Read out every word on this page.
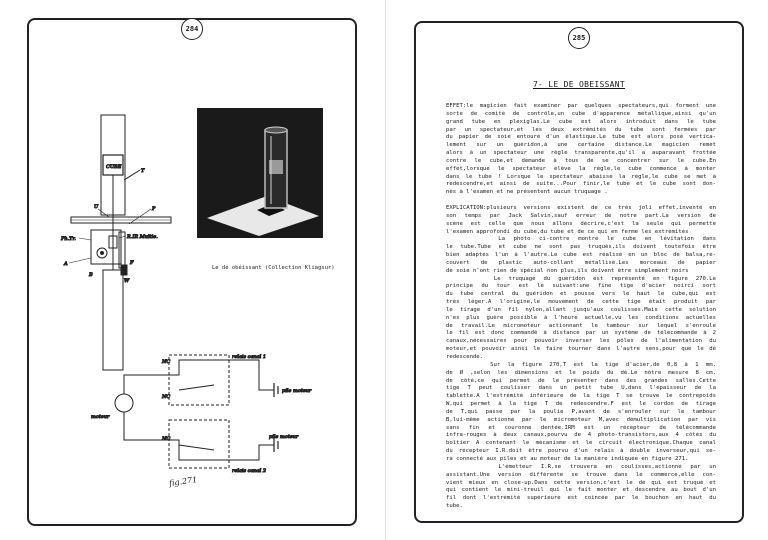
284
CUBE
T
U	P
Ph.Tr.	R.IR Multie.
A
B
F
W
moteur
relais canal 1
relais canal 2
NC
NC
NC
pile moteur
pile moteur
Le dé obéissant (Collection Kliagsur)
fig.271
285
7- LE DE OBEISSANT
EFFET:le magicien fait examiner par quelques spectateurs,qui forment une
sorte de comité de contrôle,un cube d'apparence métallique,ainsi qu'un
grand tube en plexiglas.Le cube est alors introduit dans le tube
par un spectateur,et les deux extrémités du tube sont fermées par
du papier de soie entouré d'un élastique.Le tube est alors posé vertica-
lement sur un guéridon,à une certaine distance.Le magicien remet
alors à un spectateur une règle transparente,qu'il a auparavant frottée
contre le cube,et demande à tous de se concentrer sur le cube.En
effet,lorsque le spectateur élève la règle,le cube commence à monter
dans le tube ! Lorsque le spectateur abaisse la règle,le cube se met à
redescendre,et ainsi de suite...Pour finir,le tube et le cube sont don-
nés à l'examen et ne présentent aucun truquage .

EXPLICATION:plusieurs versions existent de ce très joli effet,inventé en
son temps par Jack Salvin,sauf erreur de notre part.La version de
scène est celle que nous allons décrire,c'est la seule qui permette
l'examen approfondi du cube,du tube et de ce qui en ferme les extrémités
La photo ci-contre montre le cube en lévitation dans
le tube.Tube et cube ne sont pas truqués,ils doivent toutefois être
bien adaptés l'un à l'autre.Le cube est réalisé en un bloc de balsa,re-
couvert de plastic auto-collant métallisé.Les morceaux de papier
de soie n'ont rien de spécial non plus,ils doivent être simplement noirs
Le truquage du guéridon est représenté en figure 270.Le
principe du tour est le suivant:une fine tige d'acier noirci sort
du tube central du guéridon et pousse vers le haut le cube,qui est
très léger.A l'origine,le mouvement de cette tige était produit par
le tirage d'un fil nylon,allant jusqu'aux coulisses.Mais cette solution
n'es plus guère possible à l'heure actuelle,vu les conditions actuelles
de travail.Le micromoteur actionnant le tambour sur lequel s'enroule
le fil est donc commandé à distance par un système de télécommande à 2
canaux,nécessaires pour pouvoir inverser les pôles de l'alimentation du
moteur,et pouvoir ainsi le faire tourner dans l'autre sens,pour que le dé
redescende.
Sur la figure 270,T est la tige d'acier,de 0,8 à 1 mm.
de Ø ,selon les dimensions et le poids du dé.Le nôtre mesure 8 cm.
de côté,ce qui permet de le présenter dans des grandes salles.Cette
tige T peut coulisser dans un petit tube U,dans l'épaisseur de la
tablette.A l'extrémité inférieure de la tige T se trouve le contrepoids
W,qui permet à la tige T de redescendre.F est le cordon de tirage
de T,qui passe par la poulie P,avant de s'enrouler sur le tambour
B,lui-même actionné par le micromoteur M,avec démultiplication par vis
sans fin et couronne dentée.IRM est un récepteur de télécommande
infra-rouges à deux canaux,pourvu de 4 photo-transistors,aux 4 côtés du
boîtier A contenant le mécanisme et le circuit électronique.Chaque canal
du récepteur I.R.doit être pourvu d'un relais à double inverseur,qui se-
ra connecté aux piles et au moteur de la manière indiquée en figure 271.
L'émetteur I.R.se trouvera en coulisses,actionné par un
assistant.Une version différente se trouve dans le commerce,elle con-
vient mieux en close-up.Dans cette version,c'est le dé qui est truqué et
qui contient le mini-treuil qui le fait monter et descendre au bout d'un
fil dont l'extrémité supérieure est coincée par le bouchon en haut du
tube.
